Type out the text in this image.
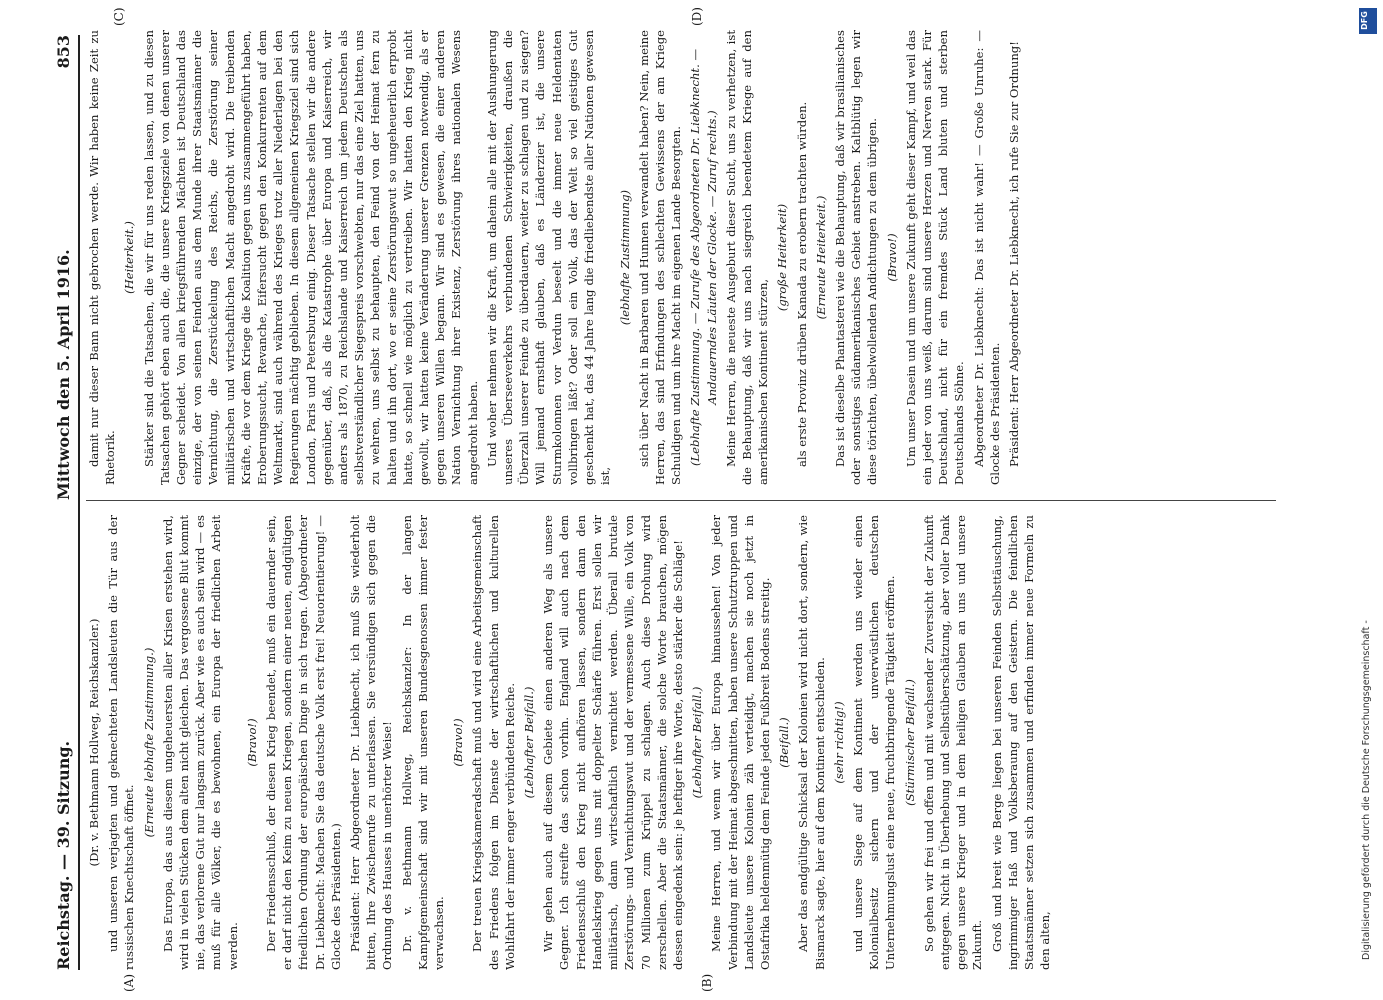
Reichstag. — 39. Sitzung.
Mittwoch den 5. April 1916.
853
(A)	(B)
(C)	(D)

(Dr. v. Bethmann Hollweg, Reichskanzler.) und unseren verjagten und geknechteten Landsleuten die Tür aus der russischen Knechtschaft öffnet.

(Erneute lebhafte Zustimmung.) Das Europa, das aus diesem ungeheuersten aller Krisen erstehen wird, wird in vielen Stücken dem alten nicht gleichen. Das vergossene Blut kommt nie, das verlorene Gut nur langsam zurück. Aber wie es auch sein wird — es muß für alle Völker, die es bewohnen, ein Europa der friedlichen Arbeit werden.

(Bravo!) Der Friedensschluß, der diesen Krieg beendet, muß ein dauernder sein, er darf nicht den Keim zu neuen Kriegen, sondern einer neuen, endgültigen friedlichen Ordnung der europäischen Dinge in sich tragen. (Abgeordneter Dr. Liebknecht: Machen Sie das deutsche Volk erst frei! Neuorientierung! — Glocke des Präsidenten.) Präsident: Herr Abgeordneter Dr. Liebknecht, ich muß Sie wiederholt bitten, Ihre Zwischenrufe zu unterlassen. Sie versündigen sich gegen die Ordnung des Hauses in unerhörter Weise! Dr. v. Bethmann Hollweg, Reichskanzler: In der langen Kampfgemeinschaft sind wir mit unseren Bundesgenossen immer fester verwachsen.

(Bravo!) Der treuen Kriegskameradschaft muß und wird eine Arbeitsgemeinschaft des Friedens folgen im Dienste der wirtschaftlichen und kulturellen Wohlfahrt der immer enger verbündeten Reiche. (Lebhafter Beifall.) Wir gehen auch auf diesem Gebiete einen anderen Weg als unsere Gegner. Ich streifte das schon vorhin. England will auch nach dem Friedensschluß den Krieg nicht aufhören lassen, sondern dann den Handelskrieg gegen uns mit doppelter Schärfe führen. Erst sollen wir militärisch, dann wirtschaftlich vernichtet werden. Überall brutale Zerstörungs- und Vernichtungswut und der vermessene Wille, ein Volk von 70 Millionen zum Krüppel zu schlagen. Auch diese Drohung wird zerschellen. Aber die Staatsmänner, die solche Worte brauchen, mögen dessen eingedenk sein: je heftiger ihre Worte, desto stärker die Schläge! (Lebhafter Beifall.) Meine Herren, und wenn wir über Europa hinaussehen! Von jeder Verbindung mit der Heimat abgeschnitten, haben unsere Schutztruppen und Landsleute unsere Kolonien zäh verteidigt, machen sie noch jetzt in Ostafrika heldenmütig dem Feinde jeden Fußbreit Bodens streitig. (Beifall.) Aber das endgültige Schicksal der Kolonien wird nicht dort, sondern, wie Bismarck sagte, hier auf dem Kontinent entschieden. (sehr richtig!) und unsere Siege auf dem Kontinent werden uns wieder einen Kolonialbesitz sichern und der unverwüstlichen deutschen Unternehmungslust eine neue, fruchtbringende Tätigkeit eröffnen. (Stürmischer Beifall.) So gehen wir frei und offen und mit wachsender Zuversicht der Zukunft entgegen. Nicht in Überhebung und Selbstüberschätzung, aber voller Dank gegen unsere Krieger und in dem heiligen Glauben an uns und unsere Zukunft. Groß und breit wie Berge liegen bei unseren Feinden Selbsttäuschung, ingrimmiger Haß und Volksberaung auf den Geistern. Die feindlichen Staatsmänner setzen sich zusammen und erfinden immer neue Formeln zu den alten,

damit nur dieser Bann nicht gebrochen werde. Wir haben keine Zeit zu Rhetorik.

(Heiterkeit.) Stärker sind die Tatsachen, die wir für uns reden lassen, und zu diesen Tatsachen gehört eben auch die, die unsere Kriegsziele von denen unserer Gegner scheidet. Von allen kriegsführenden Mächten ist Deutschland das einzige, der von seinen Feinden aus dem Munde ihrer Staatsmänner die Vernichtung, die Zerstückelung des Reichs, die Zerstörung seiner militärischen und wirtschaftlichen Macht angedroht wird. Die treibenden Kräfte, die vor dem Kriege die Koalition gegen uns zusammengeführt haben, Eroberungssucht, Revanche, Eifersucht gegen den Konkurrenten auf dem Weltmarkt, sind auch während des Krieges trotz aller Niederlagen bei den Regierungen mächtig geblieben. In diesem allgemeinen Kriegsziel sind sich London, Paris und Petersburg einig. Dieser Tatsache stellen wir die andere gegenüber, daß, als die Katastrophe über Europa und Kaiserreich, wir anders als 1870, zu Reichslande und Kaiserreich um jedem Deutschen als selbstverständlicher Siegespreis vorschwebten, nur das eine Ziel hatten, uns zu wehren, uns selbst zu behaupten, den Feind von der Heimat fern zu halten und ihn dort, wo er seine Zerstörungswut so ungeheuerlich erprobt hatte, so schnell wie möglich zu vertreiben. Wir hatten den Krieg nicht gewollt, wir hatten keine Veränderung unserer Grenzen notwendig, als er gegen unseren Willen begann. Wir sind es gewesen, die einer anderen Nation Vernichtung ihrer Existenz, Zerstörung ihres nationalen Wesens angedroht haben. Und woher nehmen wir die Kraft, um daheim alle mit der Aushungerung unseres Überseeverkehrs verbundenen Schwierigkeiten, draußen die Überzahl unserer Feinde zu überdauern, weiter zu schlagen und zu siegen? Will jemand ernsthaft glauben, daß es Länderzier ist, die unsere Sturmkolonnen vor Verdun beseelt und die immer neue Heldentaten vollbringen läßt? Oder soll ein Volk, das der Welt so viel geistiges Gut geschenkt hat, das 44 Jahre lang die friedliebendste aller Nationen gewesen ist,

(lebhafte Zustimmung) sich über Nacht in Barbaren und Hunnen verwandelt haben? Nein, meine Herren, das sind Erfindungen des schlechten Gewissens der am Kriege Schuldigen und um ihre Macht im eigenen Lande Besorgten. (Lebhafte Zustimmung. — Zurufe des Abgeordneten Dr. Liebknecht. — Andauerndes Läuten der Glocke. — Zuruf rechts.) Meine Herren, die neueste Ausgeburt dieser Sucht, uns zu verhetzen, ist die Behauptung, daß wir uns nach siegreich beendetem Kriege auf den amerikanischen Kontinent stürzen,

(große Heiterkeit) als erste Provinz drüben Kanada zu erobern trachten würden. (Erneute Heiterkeit.) Das ist dieselbe Phantasterei wie die Behauptung, daß wir brasilianisches oder sonstiges südamerikanisches Gebiet anstreben. Kaltblütig legen wir diese törichten, übelwollenden Andichtungen zu dem übrigen. (Bravo!) Um unser Dasein und um unsere Zukunft geht dieser Kampf, und weil das ein jeder von uns weiß, darum sind unsere Herzen und Nerven stark. Für Deutschland, nicht für ein fremdes Stück Land bluten und sterben Deutschlands Söhne. Abgeordneter Dr. Liebknecht: Das ist nicht wahr! — Große Unruhe: — Glocke des Präsidenten. Präsident: Herr Abgeordneter Dr. Liebknecht, ich rufe Sie zur Ordnung!

DFG
Digitalisierung gefördert durch die Deutsche Forschungsgemeinschaft -
